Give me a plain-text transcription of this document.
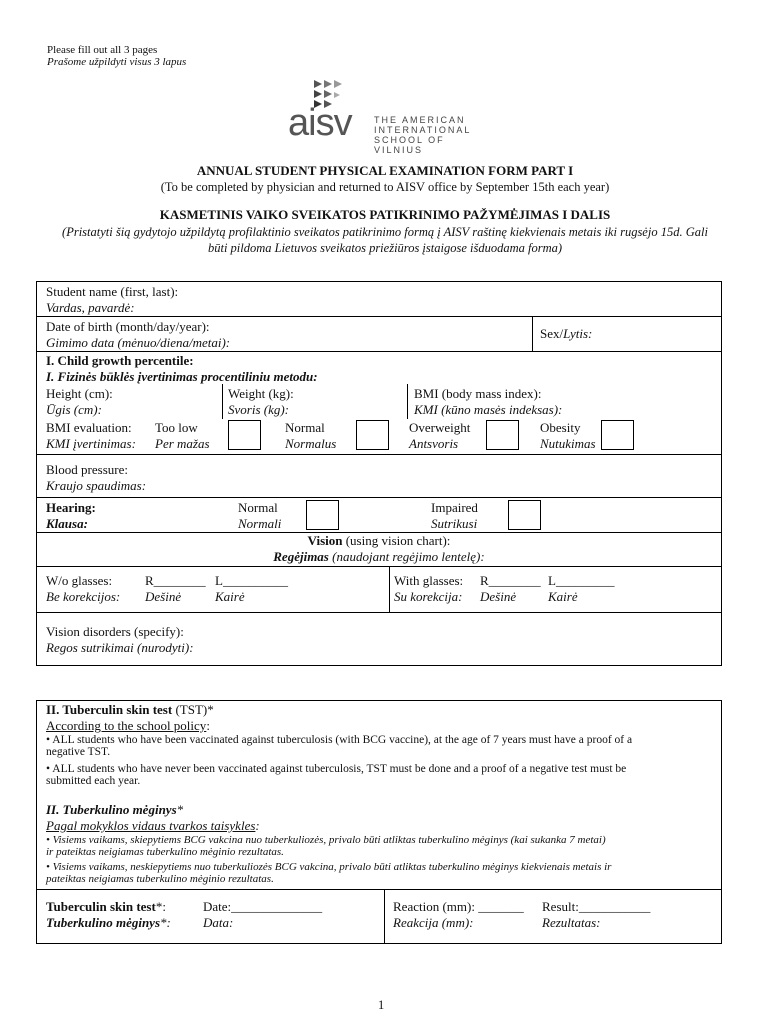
Please fill out all 3 pages
Prašome užpildyti visus 3 lapus
aisv THE AMERICAN
INTERNATIONAL
SCHOOL OF VILNIUS
ANNUAL STUDENT PHYSICAL EXAMINATION FORM PART I
(To be completed by physician and returned to AISV office by September 15th each year)
KASMETINIS VAIKO SVEIKATOS PATIKRINIMO PAŽYMĖJIMAS I DALIS
(Pristatyti šią gydytojo užpildytą profilaktinio sveikatos patikrinimo formą į AISV raštinę kiekvienais metais iki rugsėjo 15d. Gali
būti pildoma Lietuvos sveikatos priežiūros įstaigose išduodama forma)
Student name (first, last):
Vardas, pavardė:
Date of birth (month/day/year):
Gimimo data (mėnuo/diena/metai):
Sex/Lytis:
I. Child growth percentile:
I. Fizinės būklės įvertinimas procentiliniu metodu:
Height (cm):
Ūgis (cm):
Weight (kg):
Svoris (kg):
BMI (body mass index):
KMI (kūno masės indeksas):
BMI evaluation:
KMI įvertinimas:
Too low
Per mažas
Normal
Normalus
Overweight
Antsvoris
Obesity
Nutukimas
Blood pressure:
Kraujo spaudimas:
Hearing:
Klausa:
Normal
Normali
Impaired
Sutrikusi
Vision (using vision chart):
Regėjimas (naudojant regėjimo lentelę):
W/o glasses:
Be korekcijos:
R________
Dešinė
L__________
Kairė
With glasses:
Su korekcija:
R________
Dešinė
L_________
Kairė
Vision disorders (specify):
Regos sutrikimai (nurodyti):
II. Tuberculin skin test (TST)*
According to the school policy:
• ALL students who have been vaccinated against tuberculosis (with BCG vaccine), at the age of 7 years must have a proof of a
negative TST.
• ALL students who have never been vaccinated against tuberculosis, TST must be done and a proof of a negative test must be
submitted each year.
II. Tuberkulino mėginys*
Pagal mokyklos vidaus tvarkos taisykles:
• Visiems vaikams, skiepytiems BCG vakcina nuo tuberkuliozės, privalo būti atliktas tuberkulino mėginys (kai sukanka 7 metai)
ir pateiktas neigiamas tuberkulino mėginio rezultatas.
• Visiems vaikams, neskiepytiems nuo tuberkuliozės BCG vakcina, privalo būti atliktas tuberkulino mėginys kiekvienais metais ir
pateiktas neigiamas tuberkulino mėginio rezultatas.
Tuberculin skin test*:
Tuberkulino mėginys*:
Date:______________
Data:
Reaction (mm): _______
Reakcija (mm):
Result:___________
Rezultatas:
1
